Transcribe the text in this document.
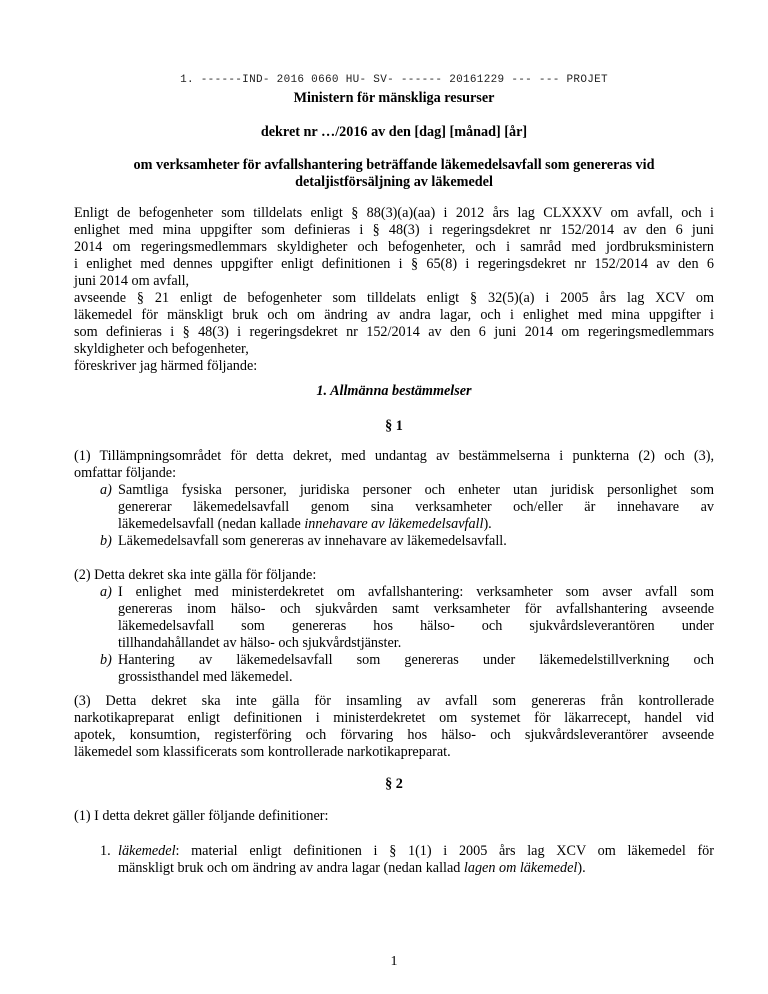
1. ------IND- 2016 0660 HU- SV- ------ 20161229 --- --- PROJET
Ministern för mänskliga resurser
dekret nr …/2016 av den [dag] [månad] [år]
om verksamheter för avfallshantering beträffande läkemedelsavfall som genereras vid
detaljistförsäljning av läkemedel
Enligt de befogenheter som tilldelats enligt § 88(3)(a)(aa) i 2012 års lag CLXXXV om avfall, och i
enlighet med mina uppgifter som definieras i § 48(3) i regeringsdekret nr 152/2014 av den 6 juni
2014 om regeringsmedlemmars skyldigheter och befogenheter, och i samråd med jordbruksministern
i enlighet med dennes uppgifter enligt definitionen i § 65(8) i regeringsdekret nr 152/2014 av den 6
juni 2014 om avfall,
avseende § 21 enligt de befogenheter som tilldelats enligt § 32(5)(a) i 2005 års lag XCV om
läkemedel för mänskligt bruk och om ändring av andra lagar, och i enlighet med mina uppgifter i
som definieras i § 48(3) i regeringsdekret nr 152/2014 av den 6 juni 2014 om regeringsmedlemmars
skyldigheter och befogenheter,
föreskriver jag härmed följande:
1. Allmänna bestämmelser
§ 1
(1) Tillämpningsområdet för detta dekret, med undantag av bestämmelserna i punkterna (2) och (3),
omfattar följande:
a) Samtliga fysiska personer, juridiska personer och enheter utan juridisk personlighet som
genererar läkemedelsavfall genom sina verksamheter och/eller är innehavare av
läkemedelsavfall (nedan kallade innehavare av läkemedelsavfall).
b) Läkemedelsavfall som genereras av innehavare av läkemedelsavfall.
(2) Detta dekret ska inte gälla för följande:
a) I enlighet med ministerdekretet om avfallshantering: verksamheter som avser avfall som
genereras inom hälso- och sjukvården samt verksamheter för avfallshantering avseende
läkemedelsavfall som genereras hos hälso- och sjukvårdsleverantören under
tillhandahållandet av hälso- och sjukvårdstjänster.
b) Hantering av läkemedelsavfall som genereras under läkemedelstillverkning och
grossisthandel med läkemedel.
(3) Detta dekret ska inte gälla för insamling av avfall som genereras från kontrollerade
narkotikapreparat enligt definitionen i ministerdekretet om systemet för läkarrecept, handel vid
apotek, konsumtion, registerföring och förvaring hos hälso- och sjukvårdsleverantörer avseende
läkemedel som klassificerats som kontrollerade narkotikapreparat.
§ 2
(1) I detta dekret gäller följande definitioner:
1. läkemedel: material enligt definitionen i § 1(1) i 2005 års lag XCV om läkemedel för
mänskligt bruk och om ändring av andra lagar (nedan kallad lagen om läkemedel).
1
